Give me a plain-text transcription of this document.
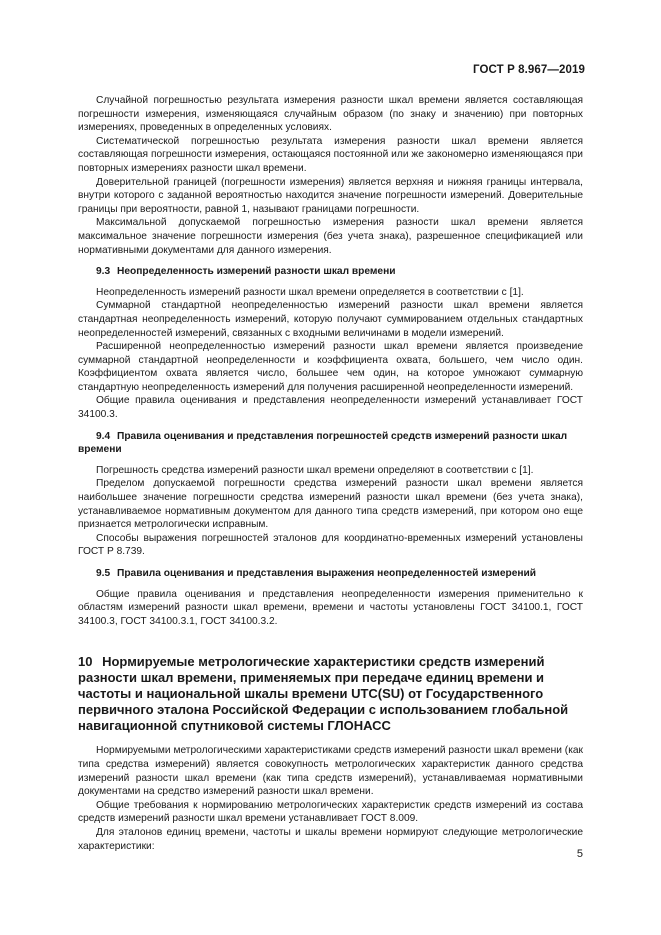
ГОСТ Р 8.967—2019

Случайной погрешностью результата измерения разности шкал времени является составляющая погрешности измерения, изменяющаяся случайным образом (по знаку и значению) при повторных измерениях, проведенных в определенных условиях.

Систематической погрешностью результата измерения разности шкал времени является составляющая погрешности измерения, остающаяся постоянной или же закономерно изменяющаяся при повторных измерениях разности шкал времени.

Доверительной границей (погрешности измерения) является верхняя и нижняя границы интервала, внутри которого с заданной вероятностью находится значение погрешности измерений. Доверительные границы при вероятности, равной 1, называют границами погрешности.

Максимальной допускаемой погрешностью измерения разности шкал времени является максимальное значение погрешности измерения (без учета знака), разрешенное спецификацией или нормативными документами для данного измерения.

9.3 Неопределенность измерений разности шкал времени

Неопределенность измерений разности шкал времени определяется в соответствии с [1].

Суммарной стандартной неопределенностью измерений разности шкал времени является стандартная неопределенность измерений, которую получают суммированием отдельных стандартных неопределенностей измерений, связанных с входными величинами в модели измерений.

Расширенной неопределенностью измерений разности шкал времени является произведение суммарной стандартной неопределенности и коэффициента охвата, большего, чем число один. Коэффициентом охвата является число, большее чем один, на которое умножают суммарную стандартную неопределенность измерений для получения расширенной неопределенности измерений.

Общие правила оценивания и представления неопределенности измерений устанавливает ГОСТ 34100.3.

9.4 Правила оценивания и представления погрешностей средств измерений разности шкал времени

Погрешность средства измерений разности шкал времени определяют в соответствии с [1].

Пределом допускаемой погрешности средства измерений разности шкал времени является наибольшее значение погрешности средства измерений разности шкал времени (без учета знака), устанавливаемое нормативным документом для данного типа средств измерений, при котором оно еще признается метрологически исправным.

Способы выражения погрешностей эталонов для координатно-временных измерений установлены ГОСТ Р 8.739.

9.5 Правила оценивания и представления выражения неопределенностей измерений

Общие правила оценивания и представления неопределенности измерения применительно к областям измерений разности шкал времени, времени и частоты установлены ГОСТ 34100.1, ГОСТ 34100.3, ГОСТ 34100.3.1, ГОСТ 34100.3.2.

10 Нормируемые метрологические характеристики средств измерений разности шкал времени, применяемых при передаче единиц времени и частоты и национальной шкалы времени UTC(SU) от Государственного первичного эталона Российской Федерации с использованием глобальной навигационной спутниковой системы ГЛОНАСС

Нормируемыми метрологическими характеристиками средств измерений разности шкал времени (как типа средства измерений) является совокупность метрологических характеристик данного средства измерений разности шкал времени (как типа средств измерений), устанавливаемая нормативными документами на средство измерений разности шкал времени.

Общие требования к нормированию метрологических характеристик средств измерений из состава средств измерений разности шкал времени устанавливает ГОСТ 8.009.

Для эталонов единиц времени, частоты и шкалы времени нормируют следующие метрологические характеристики:

5
